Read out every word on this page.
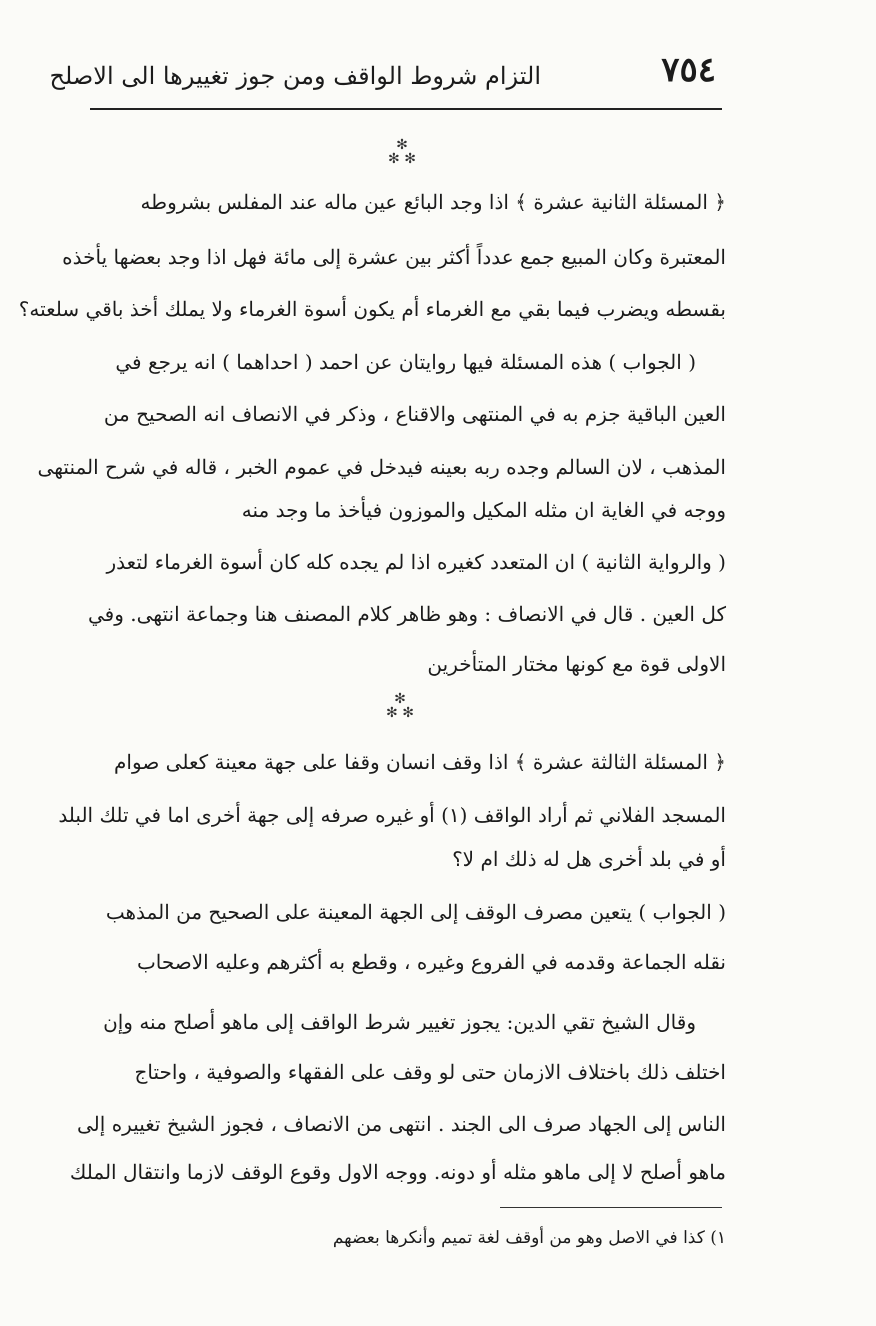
٧٥٤
التزام شروط الواقف ومن جوز تغييرها الى الاصلح
✻
✻ ✻
﴿ المسئلة الثانية عشرة ﴾ اذا وجد البائع عين ماله عند المفلس بشروطه
المعتبرة وكان المبيع جمع عدداً أكثر بين عشرة إلى مائة فهل اذا وجد بعضها يأخذه
بقسطه ويضرب فيما بقي مع الغرماء أم يكون أسوة الغرماء ولا يملك أخذ باقي سلعته؟
( الجواب ) هذه المسئلة فيها روايتان عن احمد ( احداهما ) انه يرجع في
العين الباقية جزم به في المنتهى والاقناع ، وذكر في الانصاف انه الصحيح من
المذهب ، لان السالم وجده ربه بعينه فيدخل في عموم الخبر ، قاله في شرح المنتهى
ووجه في الغاية ان مثله المكيل والموزون فيأخذ ما وجد منه
( والرواية الثانية ) ان المتعدد كغيره اذا لم يجده كله كان أسوة الغرماء لتعذر
كل العين . قال في الانصاف : وهو ظاهر كلام المصنف هنا وجماعة انتهى. وفي
الاولى قوة مع كونها مختار المتأخرين
✻
✻ ✻
﴿ المسئلة الثالثة عشرة ﴾ اذا وقف انسان وقفا على جهة معينة كعلى صوام
المسجد الفلاني ثم أراد الواقف (١) أو غيره صرفه إلى جهة أخرى اما في تلك البلد
أو في بلد أخرى هل له ذلك ام لا؟
( الجواب ) يتعين مصرف الوقف إلى الجهة المعينة على الصحيح من المذهب
نقله الجماعة وقدمه في الفروع وغيره ، وقطع به أكثرهم وعليه الاصحاب
وقال الشيخ تقي الدين: يجوز تغيير شرط الواقف إلى ماهو أصلح منه وإن
اختلف ذلك باختلاف الازمان حتى لو وقف على الفقهاء والصوفية ، واحتاج
الناس إلى الجهاد صرف الى الجند . انتهى من الانصاف ، فجوز الشيخ تغييره إلى
ماهو أصلح لا إلى ماهو مثله أو دونه. ووجه الاول وقوع الوقف لازما وانتقال الملك
١) كذا في الاصل وهو من أوقف لغة تميم وأنكرها بعضهم
